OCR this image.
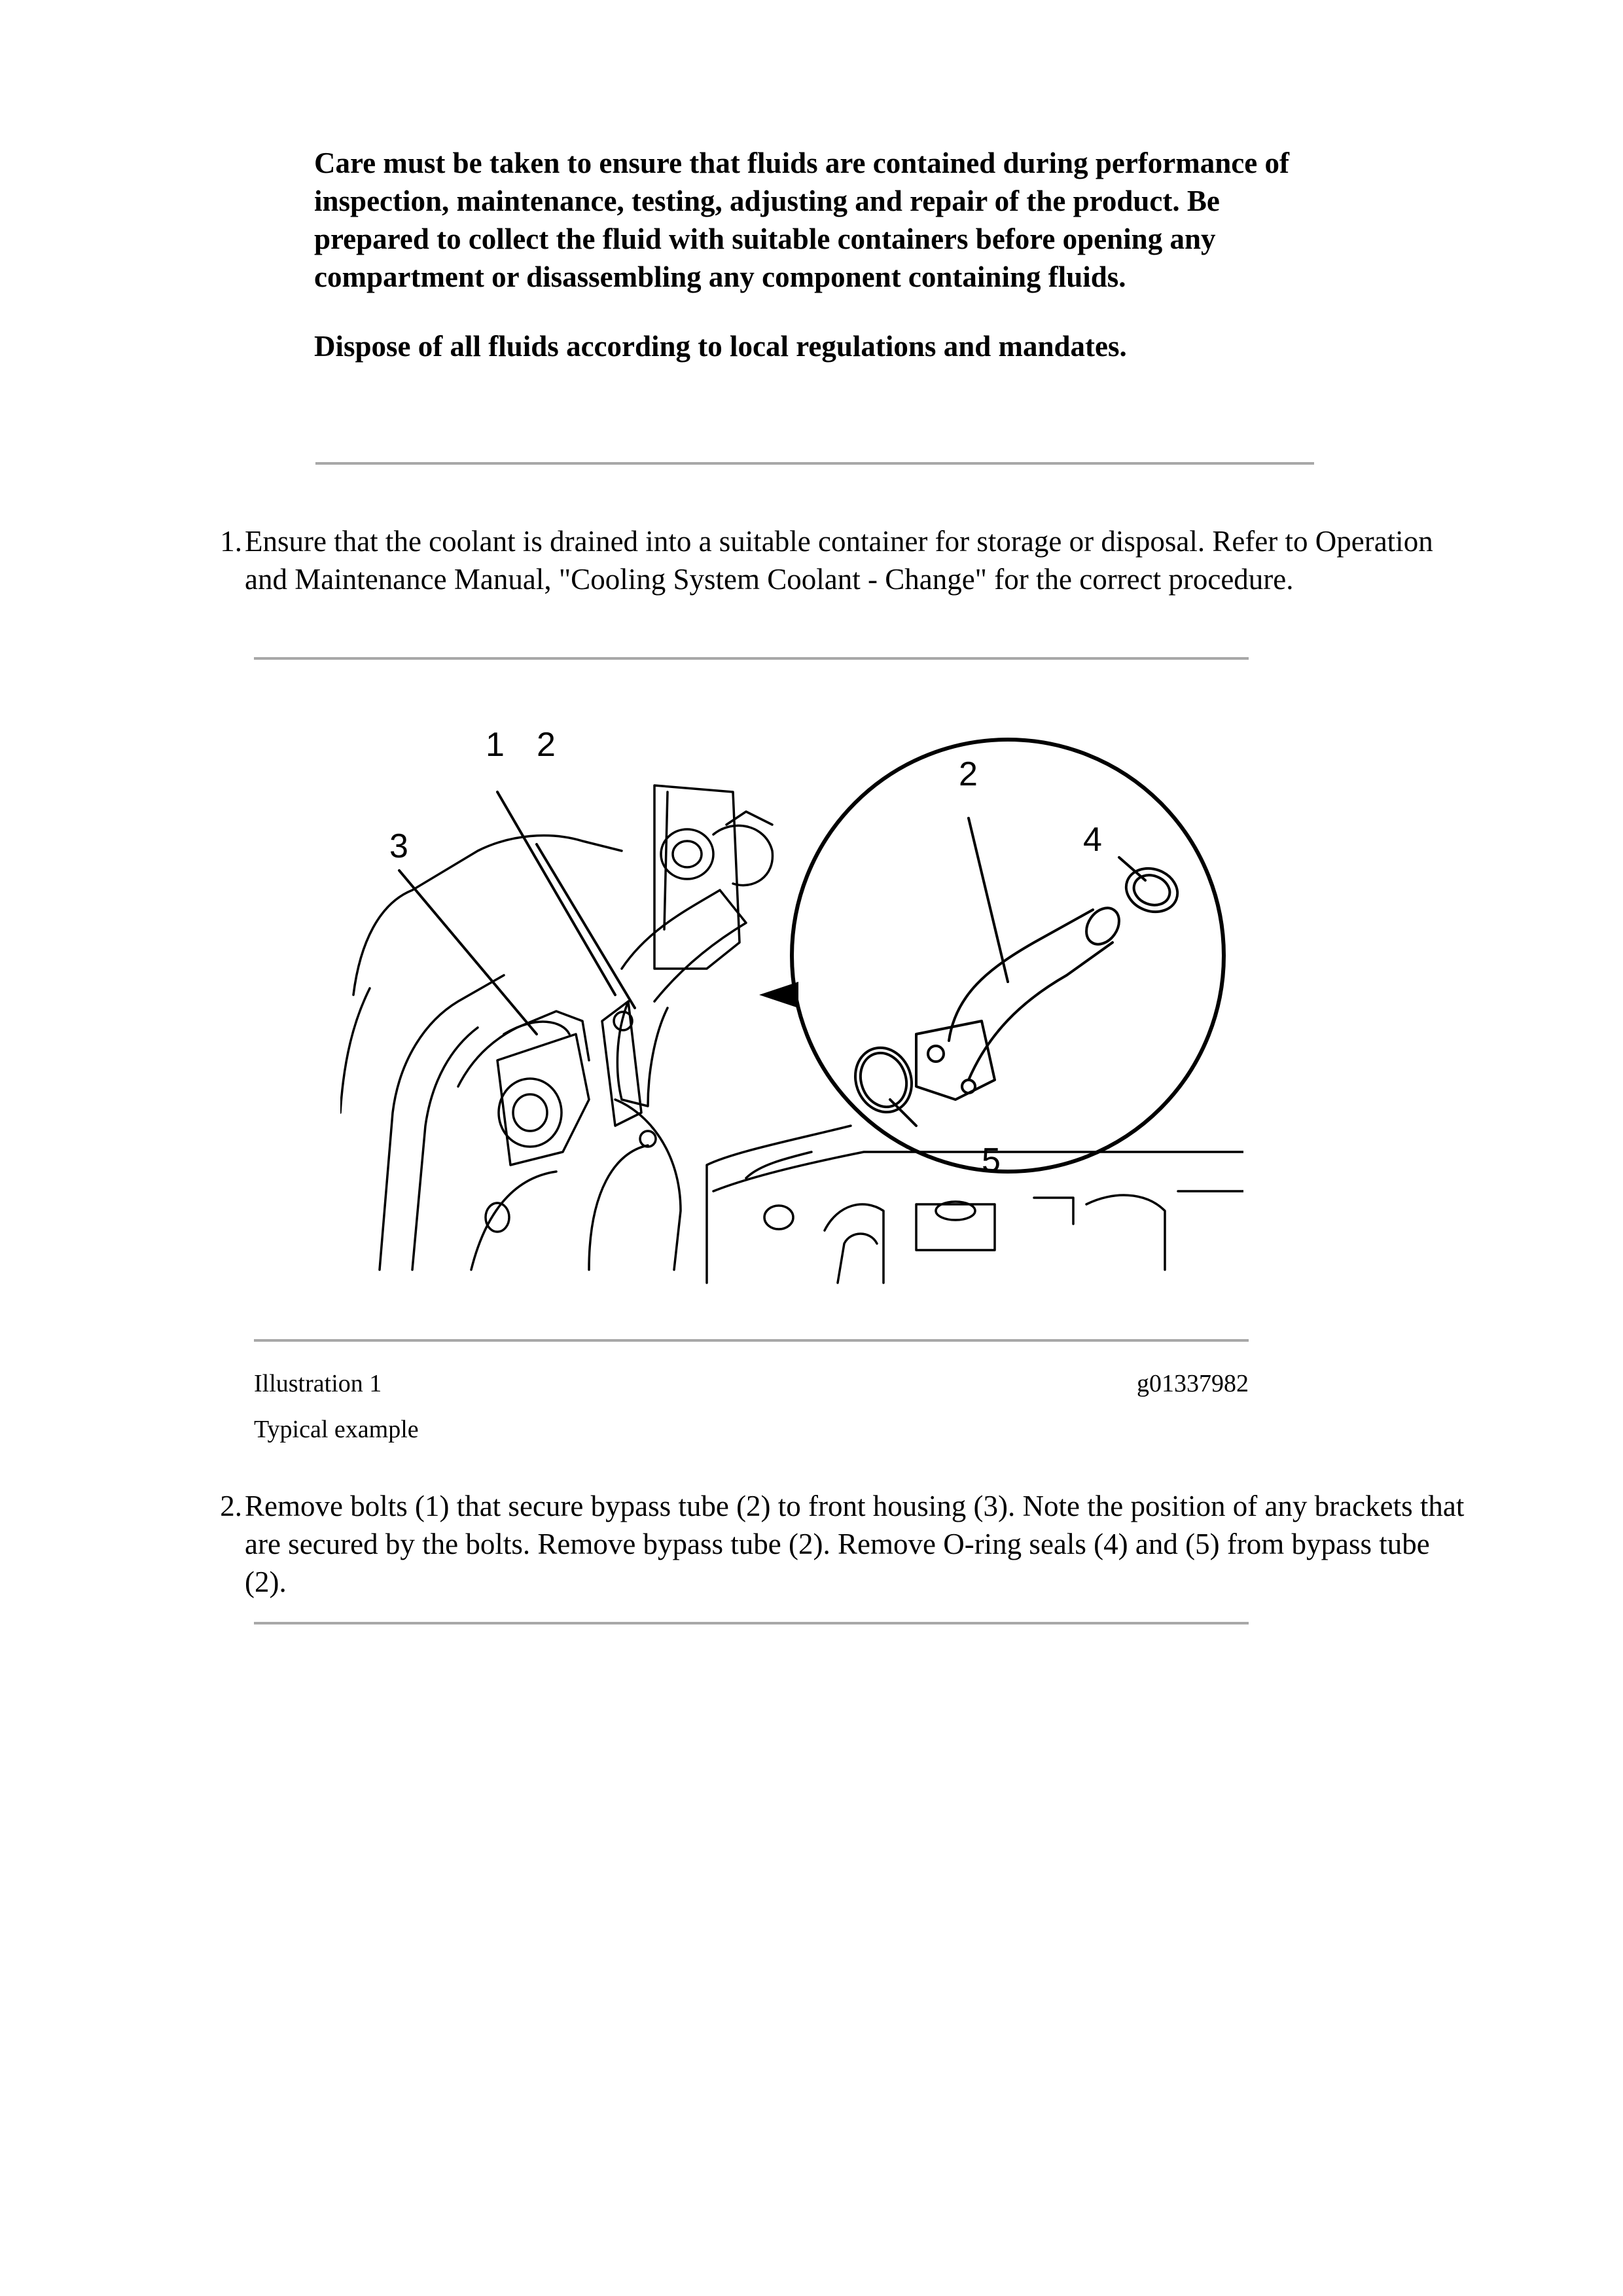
Care must be taken to ensure that fluids are contained during performance of inspection, maintenance, testing, adjusting and repair of the product. Be prepared to collect the fluid with suitable containers before opening any compartment or disassembling any component containing fluids.

Dispose of all fluids according to local regulations and mandates.

1. Ensure that the coolant is drained into a suitable container for storage or disposal. Refer to Operation and Maintenance Manual, "Cooling System Coolant - Change" for the correct procedure.
1 2
3
2
4
5
Illustration 1	g01337982
Typical example
2. Remove bolts (1) that secure bypass tube (2) to front housing (3). Note the position of any brackets that are secured by the bolts. Remove bypass tube (2). Remove O-ring seals (4) and (5) from bypass tube (2).
